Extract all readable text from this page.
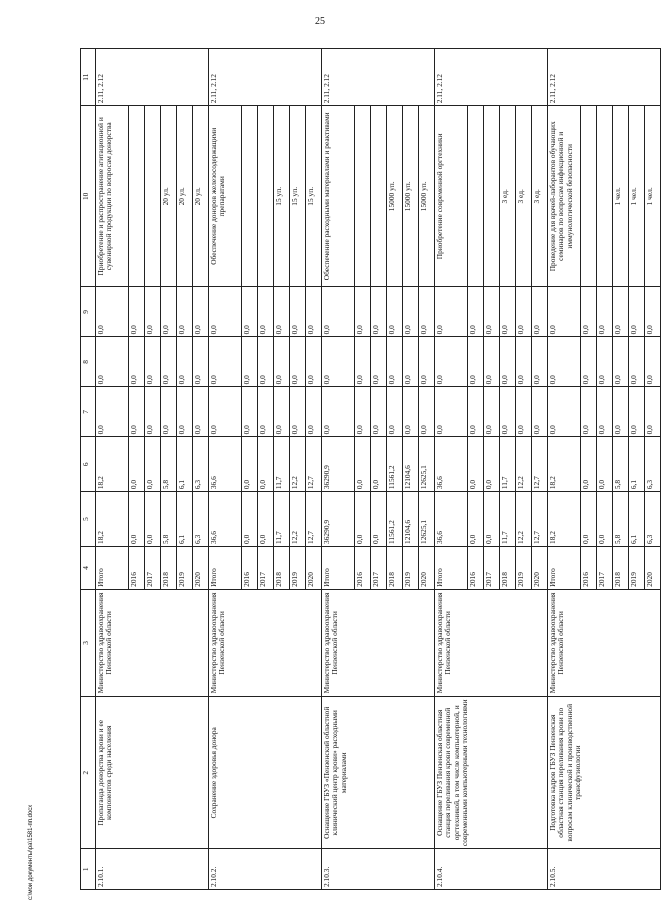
25
1	2	3	4	5	6	7	8	9	10	11
2.10.1.	Пропаганда донорства крови и ее компонентов среди населения	Министерство здравоохранения Пензенской области	Итого	18,2	18,2	0,0	0,0	0,0	Приобретение и распространение агитационной и сувенирной продукции по вопросам донорства	2.11, 2.12
			2016	0,0	0,0	0,0	0,0	0,0		
			2017	0,0	0,0	0,0	0,0	0,0		
			2018	5,8	5,8	0,0	0,0	0,0	20 ул.	
			2019	6,1	6,1	0,0	0,0	0,0	20 ул.	
			2020	6,3	6,3	0,0	0,0	0,0	20 ул.	
2.10.2.	Сохранение здоровья донора	Министерство здравоохранения Пензенской области	Итого	36,6	36,6	0,0	0,0	0,0	Обеспечение доноров железосодержащими препаратами	2.11, 2.12
			2016	0,0	0,0	0,0	0,0	0,0		
			2017	0,0	0,0	0,0	0,0	0,0		
			2018	11,7	11,7	0,0	0,0	0,0	15 уп.	
			2019	12,2	12,2	0,0	0,0	0,0	15 уп.	
			2020	12,7	12,7	0,0	0,0	0,0	15 уп.	
2.10.3.	Оснащение ГБУЗ «Пензенский областной клинический центр крови» расходными материалами	Министерство здравоохранения Пензенской области	Итого	36290,9	36290,9	0,0	0,0	0,0	Обеспечение расходными материалами и реактивами	2.11, 2.12
			2016	0,0	0,0	0,0	0,0	0,0		
			2017	0,0	0,0	0,0	0,0	0,0		
			2018	11561,2	11561,2	0,0	0,0	0,0	15000 уп.	
			2019	12104,6	12104,6	0,0	0,0	0,0	15000 уп.	
			2020	12625,1	12625,1	0,0	0,0	0,0	15000 уп.	
2.10.4.	Оснащение ГБУЗ Пензенская областная станция переливания крови современной оргтехникой, в том числе компьютерной, и современными компьютерными технологиями	Министерство здравоохранения Пензенской области	Итого	36,6	36,6	0,0	0,0	0,0	Приобретение современной оргтехники	2.11, 2.12
			2016	0,0	0,0	0,0	0,0	0,0		
			2017	0,0	0,0	0,0	0,0	0,0		
			2018	11,7	11,7	0,0	0,0	0,0	3 ед.	
			2019	12,2	12,2	0,0	0,0	0,0	3 ед.	
			2020	12,7	12,7	0,0	0,0	0,0	3 ед.	
2.10.5.	Подготовка кадров ГБУЗ Пензенская областная станция переливания крови по вопросам клинической и производственной трансфузиологии	Министерство здравоохранения Пензенской области	Итого	18,2	18,2	0,0	0,0	0,0	Проведение для врачей-лаборантов обучающих семинаров по вопросам инфекционной и иммунологической безопасности	2.11, 2.12
			2016	0,0	0,0	0,0	0,0	0,0		
			2017	0,0	0,0	0,0	0,0	0,0		
			2018	5,8	5,8	0,0	0,0	0,0	1 чел.	
			2019	6,1	6,1	0,0	0,0	0,0	1 чел.	
			2020	6,3	6,3	0,0	0,0	0,0	1 чел.	
c:\мои документы\ра\1581-пп.docx
